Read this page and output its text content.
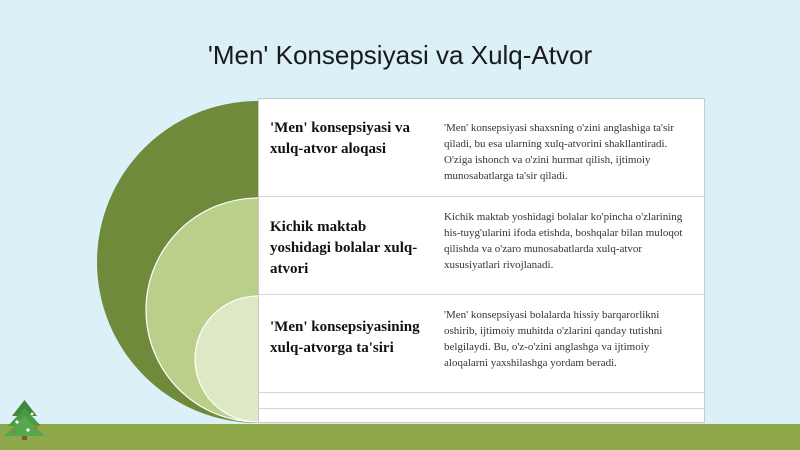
'Men' Konsepsiyasi va Xulq-Atvor
'Men' konsepsiyasi va xulq-atvor aloqasi
'Men' konsepsiyasi shaxsning o'zini anglashiga ta'sir qiladi, bu esa ularning xulq-atvorini shakllantiradi. O'ziga ishonch va o'zini hurmat qilish, ijtimoiy munosabatlarga ta'sir qiladi.
Kichik maktab yoshidagi bolalar xulq-atvori
Kichik maktab yoshidagi bolalar ko'pincha o'zlarining his-tuyg'ularini ifoda etishda, boshqalar bilan muloqot qilishda va o'zaro munosabatlarda xulq-atvor xususiyatlari rivojlanadi.
'Men' konsepsiyasining xulq-atvorga ta'siri
'Men' konsepsiyasi bolalarda hissiy barqarorlikni oshirib, ijtimoiy muhitda o'zlarini qanday tutishni belgilaydi. Bu, o'z-o'zini anglashga va ijtimoiy aloqalarni yaxshilashga yordam beradi.
